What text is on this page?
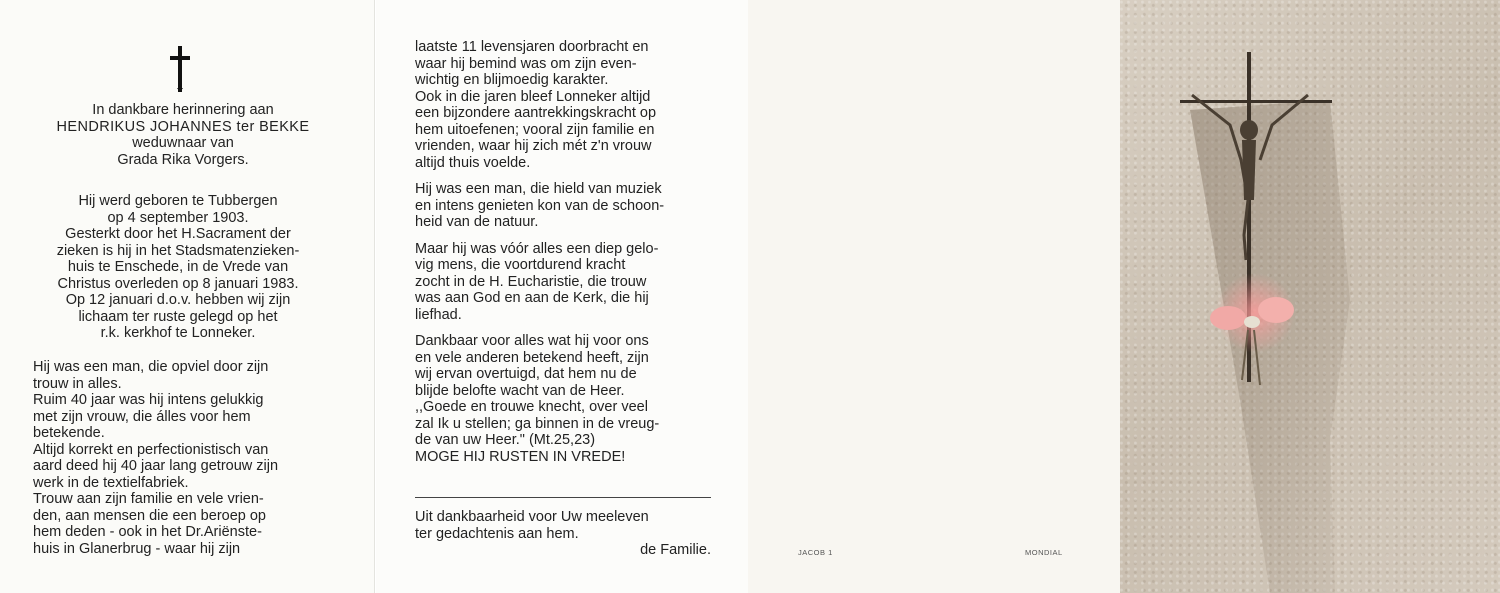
In dankbare herinnering aan
HENDRIKUS JOHANNES ter BEKKE
weduwnaar van
Grada Rika Vorgers.
Hij werd geboren te Tubbergen
op 4 september 1903.
Gesterkt door het H.Sacrament der
zieken is hij in het Stadsmatenzieken-
huis te Enschede, in de Vrede van
Christus overleden op 8 januari 1983.
Op 12 januari d.o.v. hebben wij zijn
lichaam ter ruste gelegd op het
r.k. kerkhof te Lonneker.
Hij was een man, die opviel door zijn
trouw in alles.
Ruim 40 jaar was hij intens gelukkig
met zijn vrouw, die álles voor hem
betekende.
Altijd korrekt en perfectionistisch van
aard deed hij 40 jaar lang getrouw zijn
werk in de textielfabriek.
Trouw aan zijn familie en vele vrien-
den, aan mensen die een beroep op
hem deden - ook in het Dr.Ariënste-
huis in Glanerbrug - waar hij zijn
laatste 11 levensjaren doorbracht en
waar hij bemind was om zijn even-
wichtig en blijmoedig karakter.
Ook in die jaren bleef Lonneker altijd
een bijzondere aantrekkingskracht op
hem uitoefenen; vooral zijn familie en
vrienden, waar hij zich mét z'n vrouw
altijd thuis voelde.
Hij was een man, die hield van muziek
en intens genieten kon van de schoon-
heid van de natuur.
Maar hij was vóór alles een diep gelo-
vig mens, die voortdurend kracht
zocht in de H. Eucharistie, die trouw
was aan God en aan de Kerk, die hij
liefhad.
Dankbaar voor alles wat hij voor ons
en vele anderen betekend heeft, zijn
wij ervan overtuigd, dat hem nu de
blijde belofte wacht van de Heer.
,,Goede en trouwe knecht, over veel
zal Ik u stellen; ga binnen in de vreug-
de van uw Heer." (Mt.25,23)
MOGE HIJ RUSTEN IN VREDE!
Uit dankbaarheid voor Uw meeleven
ter gedachtenis aan hem.
de Familie.	JACOB 1	MONDIAL
